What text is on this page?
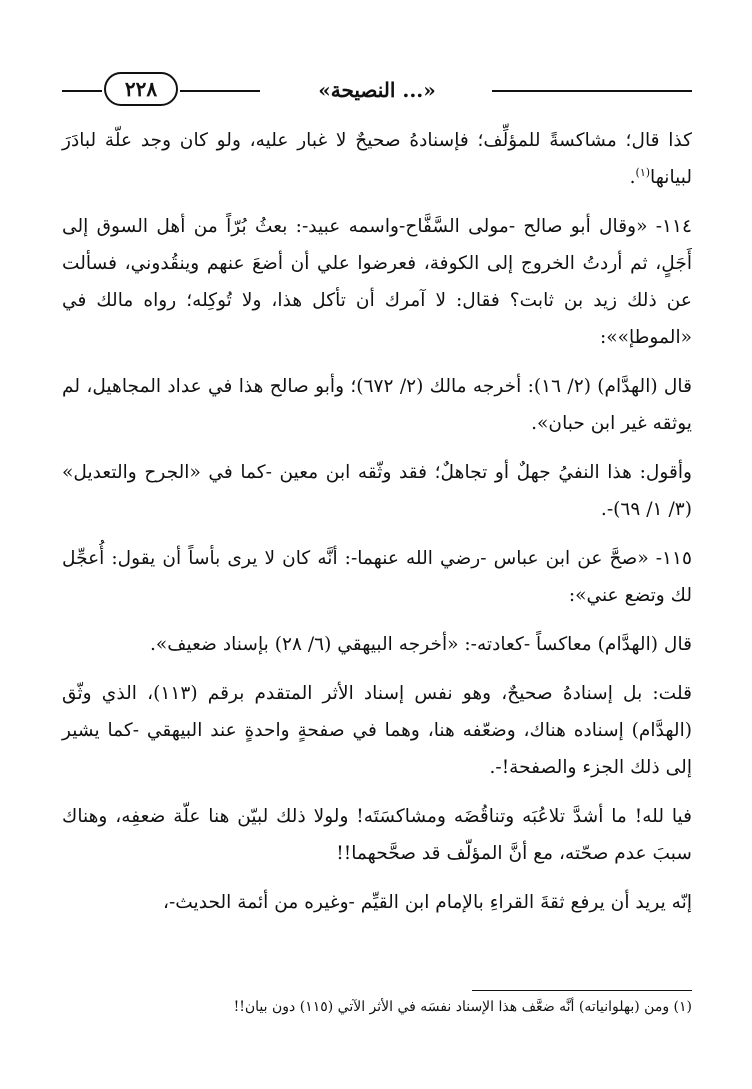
٢٢٨	«النصيحة ...»

كذا قال؛ مشاكسةً للمؤلِّف؛ فإسنادهُ صحيحٌ لا غبار عليه، ولو كان وجد علّة لبادَرَ لبيانها$^{(١)}$.

١١٤- «وقال أبو صالح -مولى السَّفَّاح-واسمه عبيد-: بعثُ بُرّاً من أهل السوق إلى أَجَلٍ، ثم أردتُ الخروج إلى الكوفة، فعرضوا علي أن أضعَ عنهم وينقُدوني، فسألت عن ذلك زيد بن ثابت؟ فقال: لا آمرك أن تأكل هذا، ولا تُوكِله؛ رواه مالك في «الموطإ»»:

قال (الهدَّام) (٢/ ١٦): أخرجه مالك (٢/ ٦٧٢)؛ وأبو صالح هذا في عداد المجاهيل، لم يوثقه غير ابن حبان».

وأقول: هذا النفيُ جهلٌ أو تجاهلٌ؛ فقد وثّقه ابن معين -كما في «الجرح والتعديل» (٣/ ١/ ٦٩)-.

١١٥- «صحَّ عن ابن عباس -رضي الله عنهما-: أنَّه كان لا يرى بأساً أن يقول: أُعجِّل لك وتضع عني»:

قال (الهدَّام) معاكساً -كعادته-: «أخرجه البيهقي (٦/ ٢٨) بإسناد ضعيف».

قلت: بل إسنادهُ صحيحٌ، وهو نفس إسناد الأثر المتقدم برقم (١١٣)، الذي وثّق (الهدَّام) إسناده هناك، وضعّفه هنا، وهما في صفحةٍ واحدةٍ عند البيهقي -كما يشير إلى ذلك الجزء والصفحة!-.

فيا لله! ما أشدَّ تلاعُبَه وتناقُضَه ومشاكسَتَه! ولولا ذلك لبيّن هنا علّة ضعفِه، وهناك سببَ عدم صحّته، مع أنَّ المؤلّف قد صحَّحهما!!

إنّه يريد أن يرفع ثقةَ القراءِ بالإمام ابن القيِّم -وغيره من أئمة الحديث-،

(١) ومن (بهلوانياته) أنَّه ضعَّف هذا الإسناد نفسَه في الأثر الآتي (١١٥) دون بيان!!
